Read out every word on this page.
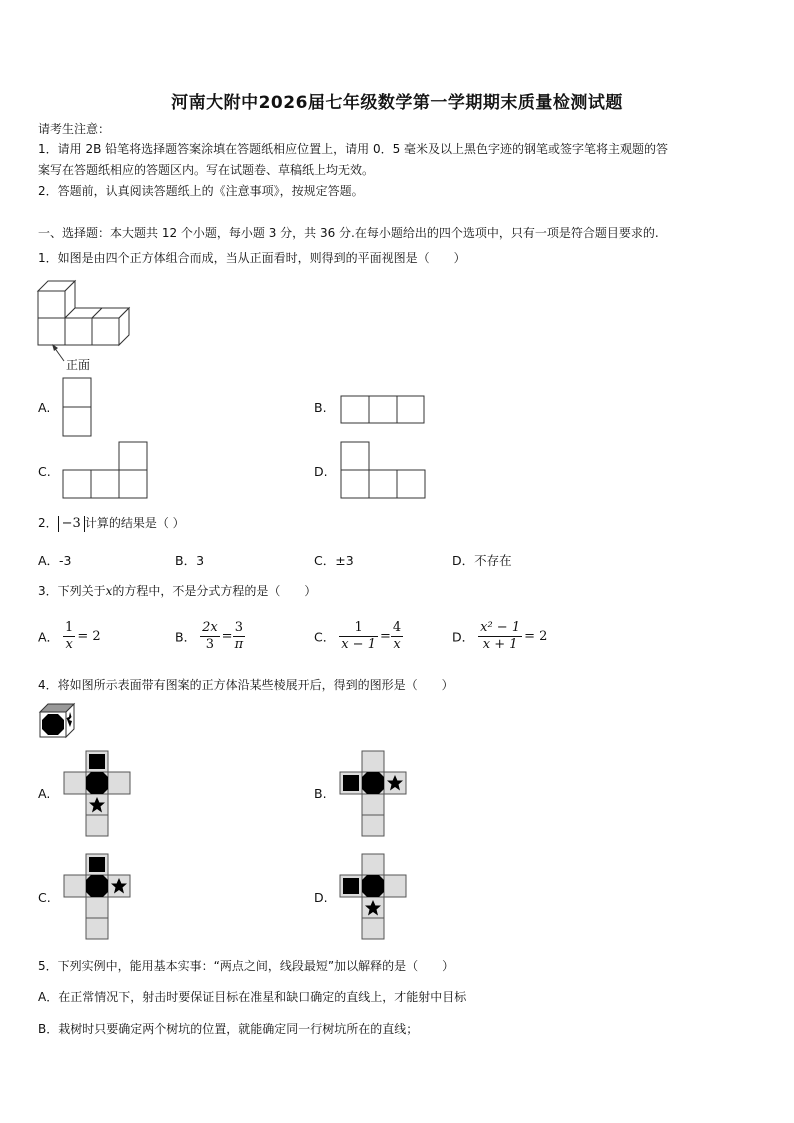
河南大附中2026届七年级数学第一学期期末质量检测试题
请考生注意：
1．请用 2B 铅笔将选择题答案涂填在答题纸相应位置上，请用 0．5 毫米及以上黑色字迹的钢笔或签字笔将主观题的答
案写在答题纸相应的答题区内。写在试题卷、草稿纸上均无效。
2．答题前，认真阅读答题纸上的《注意事项》，按规定答题。
一、选择题：本大题共 12 个小题，每小题 3 分，共 36 分.在每小题给出的四个选项中，只有一项是符合题目要求的.
1．如图是由四个正方体组合而成，当从正面看时，则得到的平面视图是（　　）
正面
A.	B.
C.	D.
2． −3 计算的结果是（ ）
A．-3	B．3	C．±3	D．不存在
3．下列关于x的方程中，不是分式方程的是（　　）
A． $\frac{1}{x} = 2$	B． $\frac{2x}{3} = \frac{3}{\pi}$	C． $\frac{1}{x - 1} = \frac{4}{x}$	D． $\frac{\text{x² − 1}}{x + 1} = 2$
4．将如图所示表面带有图案的正方体沿某些棱展开后，得到的图形是（　　）
A.	B.
C.	D.
5．下列实例中，能用基本实事：“两点之间，线段最短”加以解释的是（　　）
A．在正常情况下，射击时要保证目标在准星和缺口确定的直线上，才能射中目标
B．栽树时只要确定两个树坑的位置，就能确定同一行树坑所在的直线；
